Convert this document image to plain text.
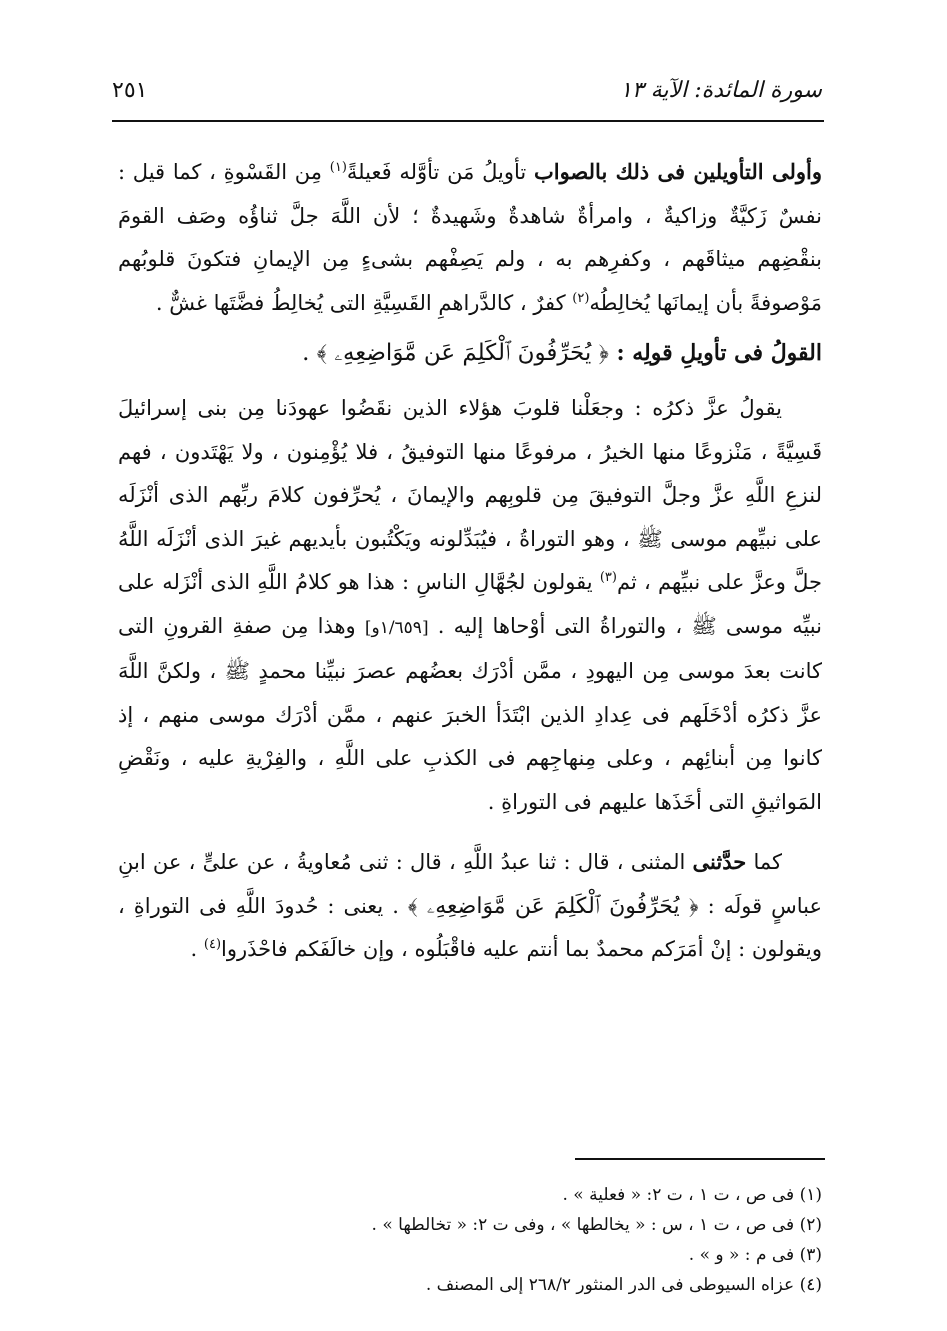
سورة المائدة: الآية ١٣
٢٥١

وأولى التأويلين فى ذلك بالصواب تأويلُ مَن تأوَّله فَعيلةً$^{(١)}$ مِن القَسْوةِ ، كما قيل : نفسٌ زَكيَّةٌ وزاكيةٌ ، وامرأةٌ شاهدةٌ وشَهيدةٌ ؛ لأن اللَّهَ جلَّ ثناؤُه وصَف القومَ بنقْضِهم ميثاقَهم ، وكفرِهم به ، ولم يَصِفْهم بشىءٍ مِن الإيمانِ فتكونَ قلوبُهم مَوْصوفةً بأن إيمانَها يُخالِطُه$^{(٢)}$ كفرٌ ، كالدَّراهمِ القَسِيَّةِ التى يُخالِطُ فضَّتَها غشٌّ .

القولُ فى تأويلِ قولِه : ﴿ يُحَرِّفُونَ ٱلْكَلِمَ عَن مَّوَاضِعِهِۦ ﴾ .

يقولُ عزَّ ذكرُه : وجعَلْنا قلوبَ هؤلاء الذين نقَضُوا عهودَنا مِن بنى إسرائيلَ قَسِيَّةً ، مَنْزوعًا منها الخيرُ ، مرفوعًا منها التوفيقُ ، فلا يُؤْمِنون ، ولا يَهْتَدون ، فهم لنزعِ اللَّهِ عزَّ وجلَّ التوفيقَ مِن قلوبِهم والإيمانَ ، يُحرِّفون كلامَ ربِّهم الذى أنْزَلَه على نبيِّهم موسى ﷺ ، وهو التوراةُ ، فيُبَدِّلونه ويَكْتُبون بأيديهم غيرَ الذى أنْزَلَه اللَّهُ جلَّ وعزَّ على نبيِّهم ، ثم$^{(٣)}$ يقولون لجُهَّالِ الناسِ : هذا هو كلامُ اللَّهِ الذى أنْزَله على نبيِّه موسى ﷺ ، والتوراةُ التى أوْحاها إليه . [١/٦٥٩و] وهذا مِن صفةِ القرونِ التى كانت بعدَ موسى مِن اليهودِ ، ممَّن أدْرَك بعضُهم عصرَ نبيِّنا محمدٍ ﷺ ، ولكنَّ اللَّهَ عزَّ ذكرُه أدْخَلَهم فى عِدادِ الذين ابْتَدَأ الخبرَ عنهم ، ممَّن أدْرَك موسى منهم ، إذ كانوا مِن أبنائِهم ، وعلى مِنهاجِهم فى الكذبِ على اللَّهِ ، والفِرْيةِ عليه ، ونَقْضِ المَواثيقِ التى أخَذَها عليهم فى التوراةِ .

كما حدَّثنى المثنى ، قال : ثنا عبدُ اللَّهِ ، قال : ثنى مُعاويةُ ، عن علىٍّ ، عن ابنِ عباسٍ قولَه : ﴿ يُحَرِّفُونَ ٱلْكَلِمَ عَن مَّوَاضِعِهِۦ ﴾ . يعنى : حُدودَ اللَّهِ فى التوراةِ ، ويقولون : إنْ أمَرَكم محمدٌ بما أنتم عليه فاقْبَلُوه ، وإن خالَفَكم فاحْذَروا$^{(٤)}$ .

(١) فى ص ، ت ١ ، ت ٢: « فعلية » .

(٢) فى ص ، ت ١ ، س : « يخالطها » ، وفى ت ٢: « تخالطها » .

(٣) فى م : « و » .

(٤) عزاه السيوطى فى الدر المنثور ٢٦٨/٢ إلى المصنف .
